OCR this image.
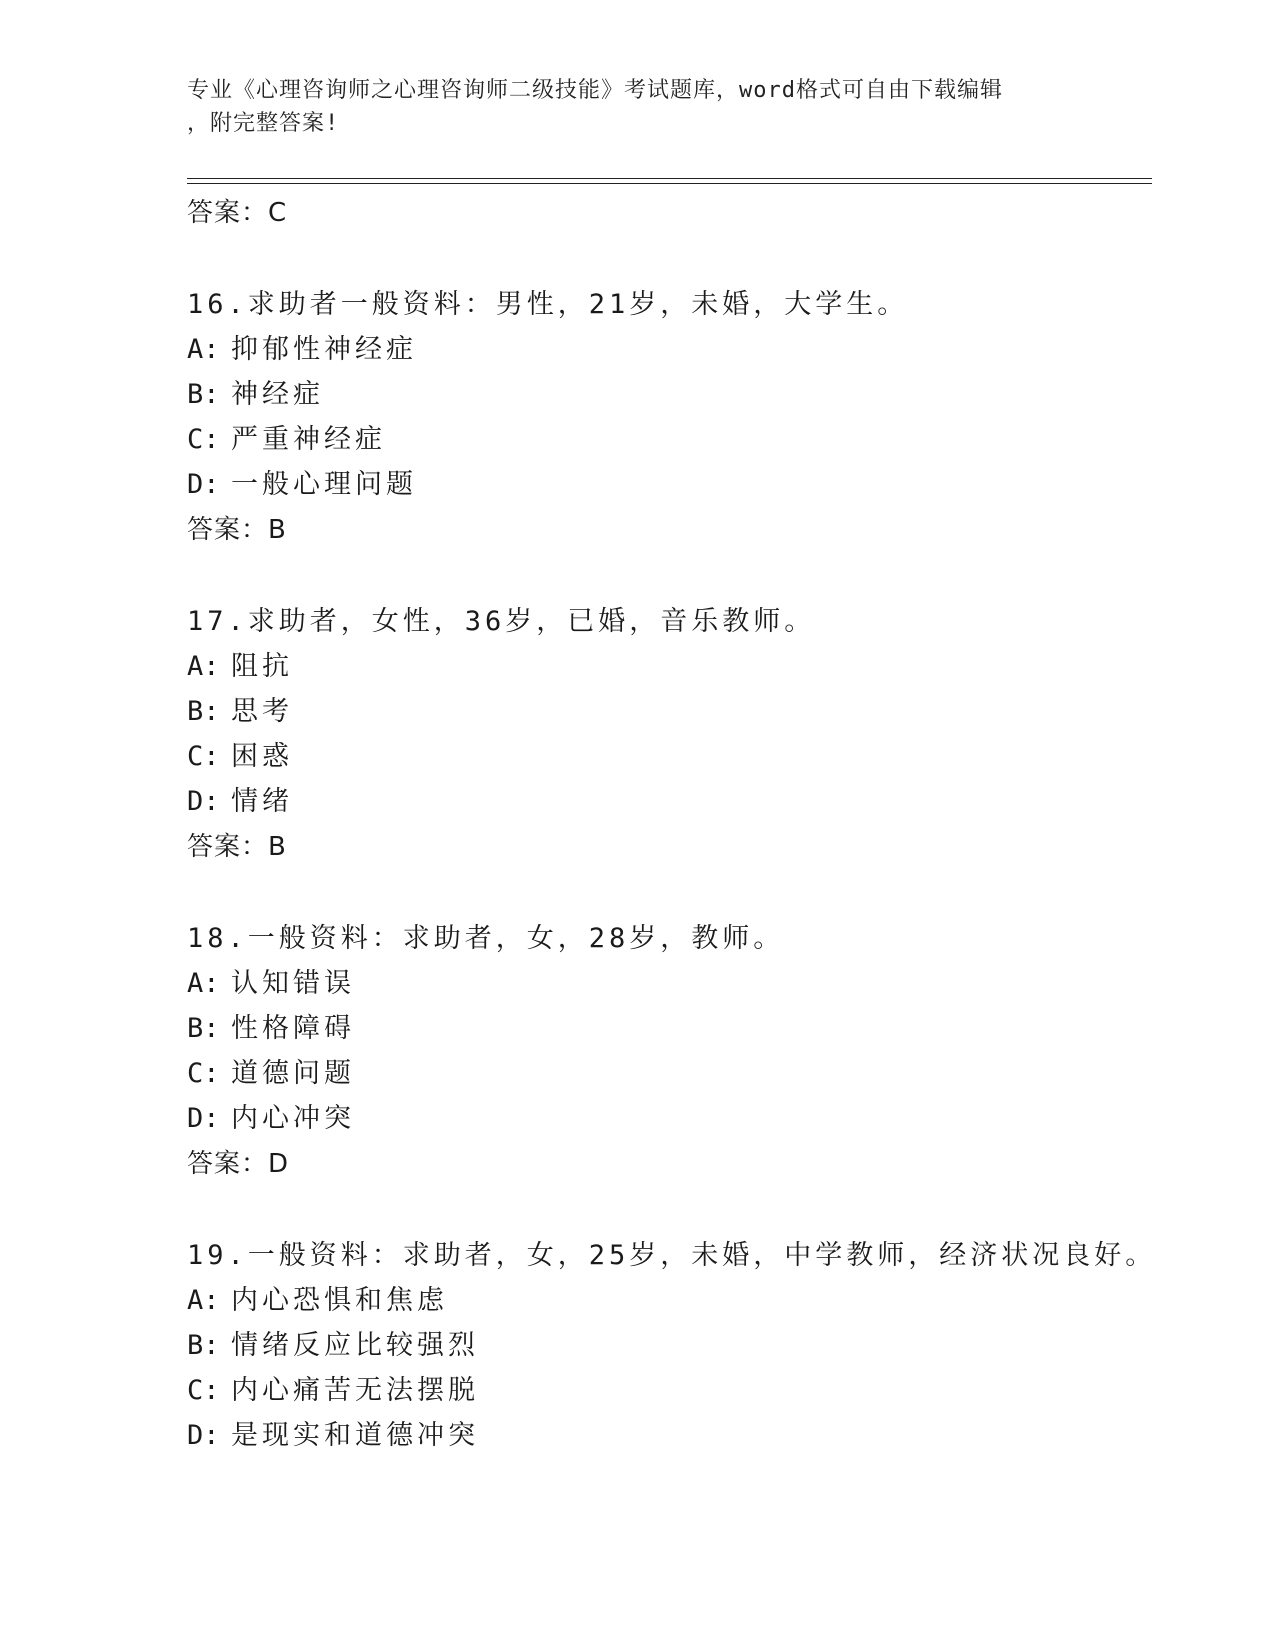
专业《心理咨询师之心理咨询师二级技能》考试题库，word格式可自由下载编辑
，附完整答案!
答案：C
16.求助者一般资料：男性，21岁，未婚，大学生。
A: 抑郁性神经症
B: 神经症
C: 严重神经症
D: 一般心理问题
答案：B
17.求助者，女性，36岁，已婚，音乐教师。
A: 阻抗
B: 思考
C: 困惑
D: 情绪
答案：B
18.一般资料：求助者，女，28岁，教师。
A: 认知错误
B: 性格障碍
C: 道德问题
D: 内心冲突
答案：D
19.一般资料：求助者，女，25岁，未婚，中学教师，经济状况良好。
A: 内心恐惧和焦虑
B: 情绪反应比较强烈
C: 内心痛苦无法摆脱
D: 是现实和道德冲突
